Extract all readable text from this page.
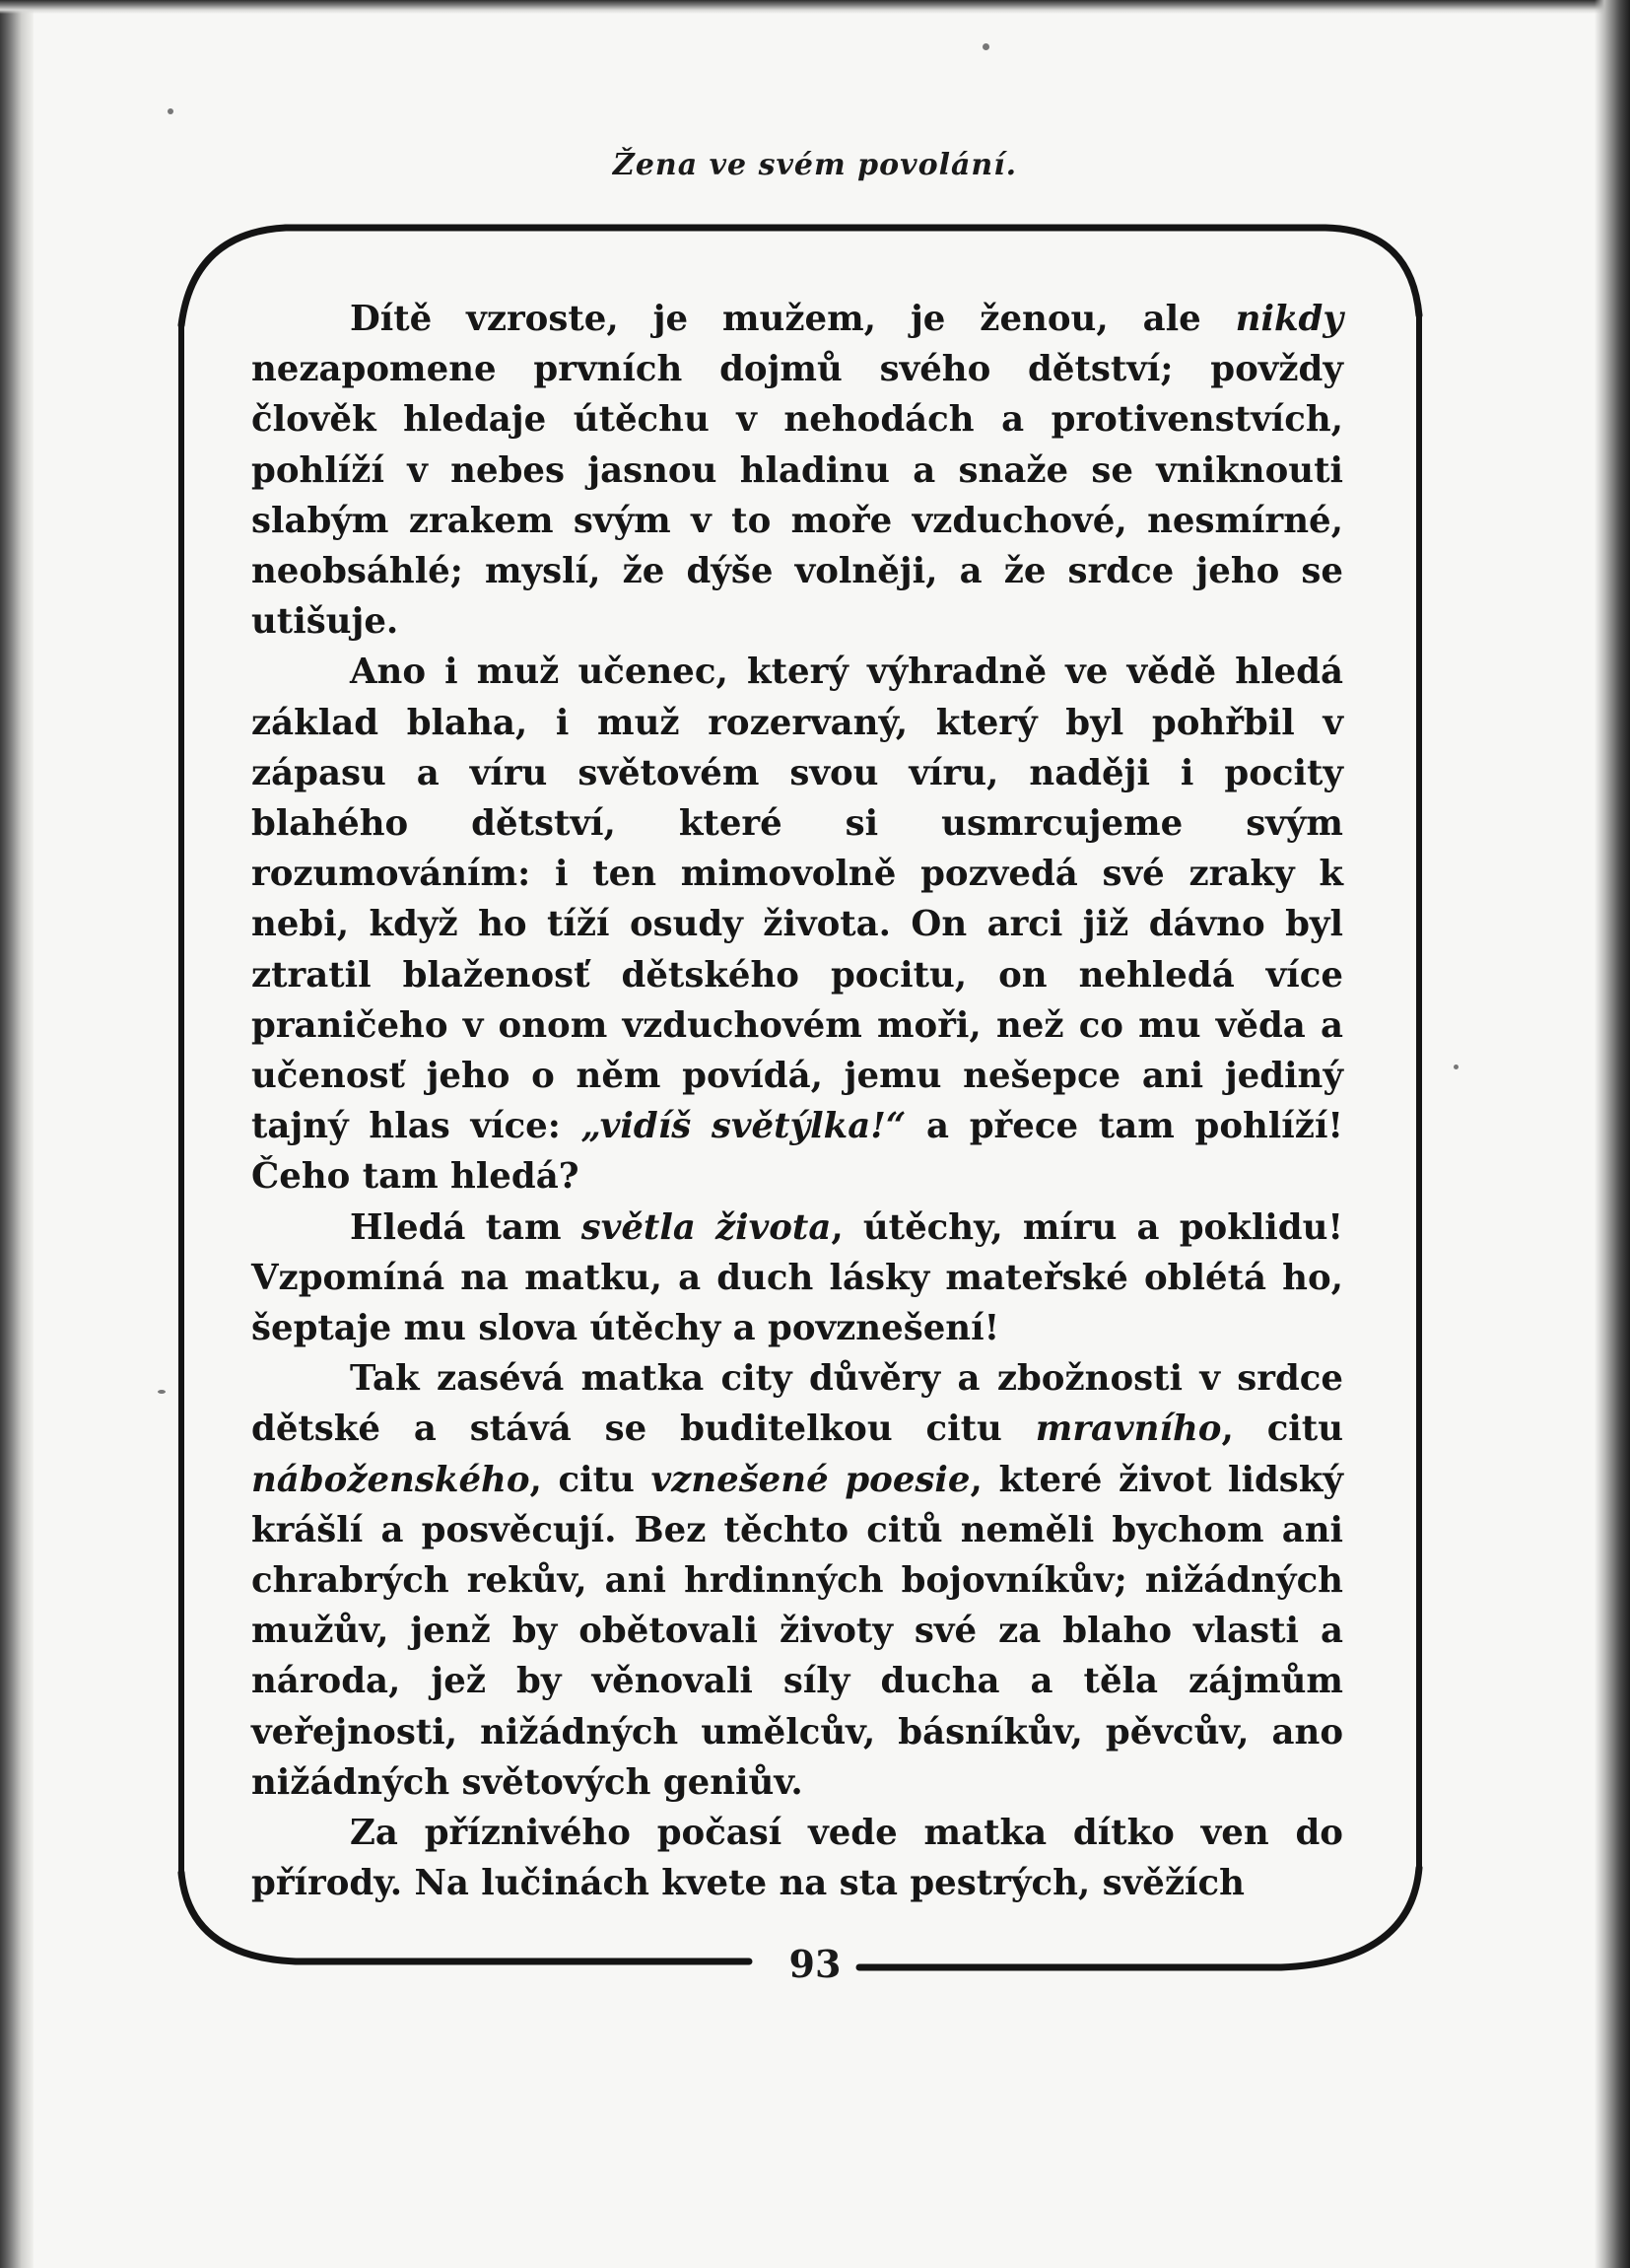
Žena ve svém povolání.

Dítě vzroste, je mužem, je ženou, ale nikdy nezapomene prvních dojmů svého dětství; povždy člověk hledaje útěchu v nehodách a protivenstvích, pohlíží v nebes jasnou hladinu a snaže se vniknouti slabým zrakem svým v to moře vzduchové, nesmírné, neobsáhlé; myslí, že dýše volněji, a že srdce jeho se utišuje.

Ano i muž učenec, který výhradně ve vědě hledá základ blaha, i muž rozervaný, který byl pohřbil v zápasu a víru světovém svou víru, naději i pocity blahého dětství, které si usmrcujeme svým rozumováním: i ten mimovolně pozvedá své zraky k nebi, když ho tíží osudy života. On arci již dávno byl ztratil blaženosť dětského pocitu, on nehledá více praničeho v onom vzduchovém moři, než co mu věda a učenosť jeho o něm povídá, jemu nešepce ani jediný tajný hlas více: „vidíš světýlka!“ a přece tam pohlíží! Čeho tam hledá?

Hledá tam světla života, útěchy, míru a poklidu! Vzpomíná na matku, a duch lásky mateřské oblétá ho, šeptaje mu slova útěchy a povznešení!

Tak zasévá matka city důvěry a zbožnosti v srdce dětské a stává se buditelkou citu mravního, citu náboženského, citu vznešené poesie, které život lidský krášlí a posvěcují. Bez těchto citů neměli bychom ani chrabrých rekův, ani hrdinných bojovníkův; nižádných mužův, jenž by obětovali životy své za blaho vlasti a národa, jež by věnovali síly ducha a těla zájmům veřejnosti, nižádných umělcův, básníkův, pěvcův, ano nižádných světových geniův.

Za příznivého počasí vede matka dítko ven do přírody. Na lučinách kvete na sta pestrých, svěžích

93
